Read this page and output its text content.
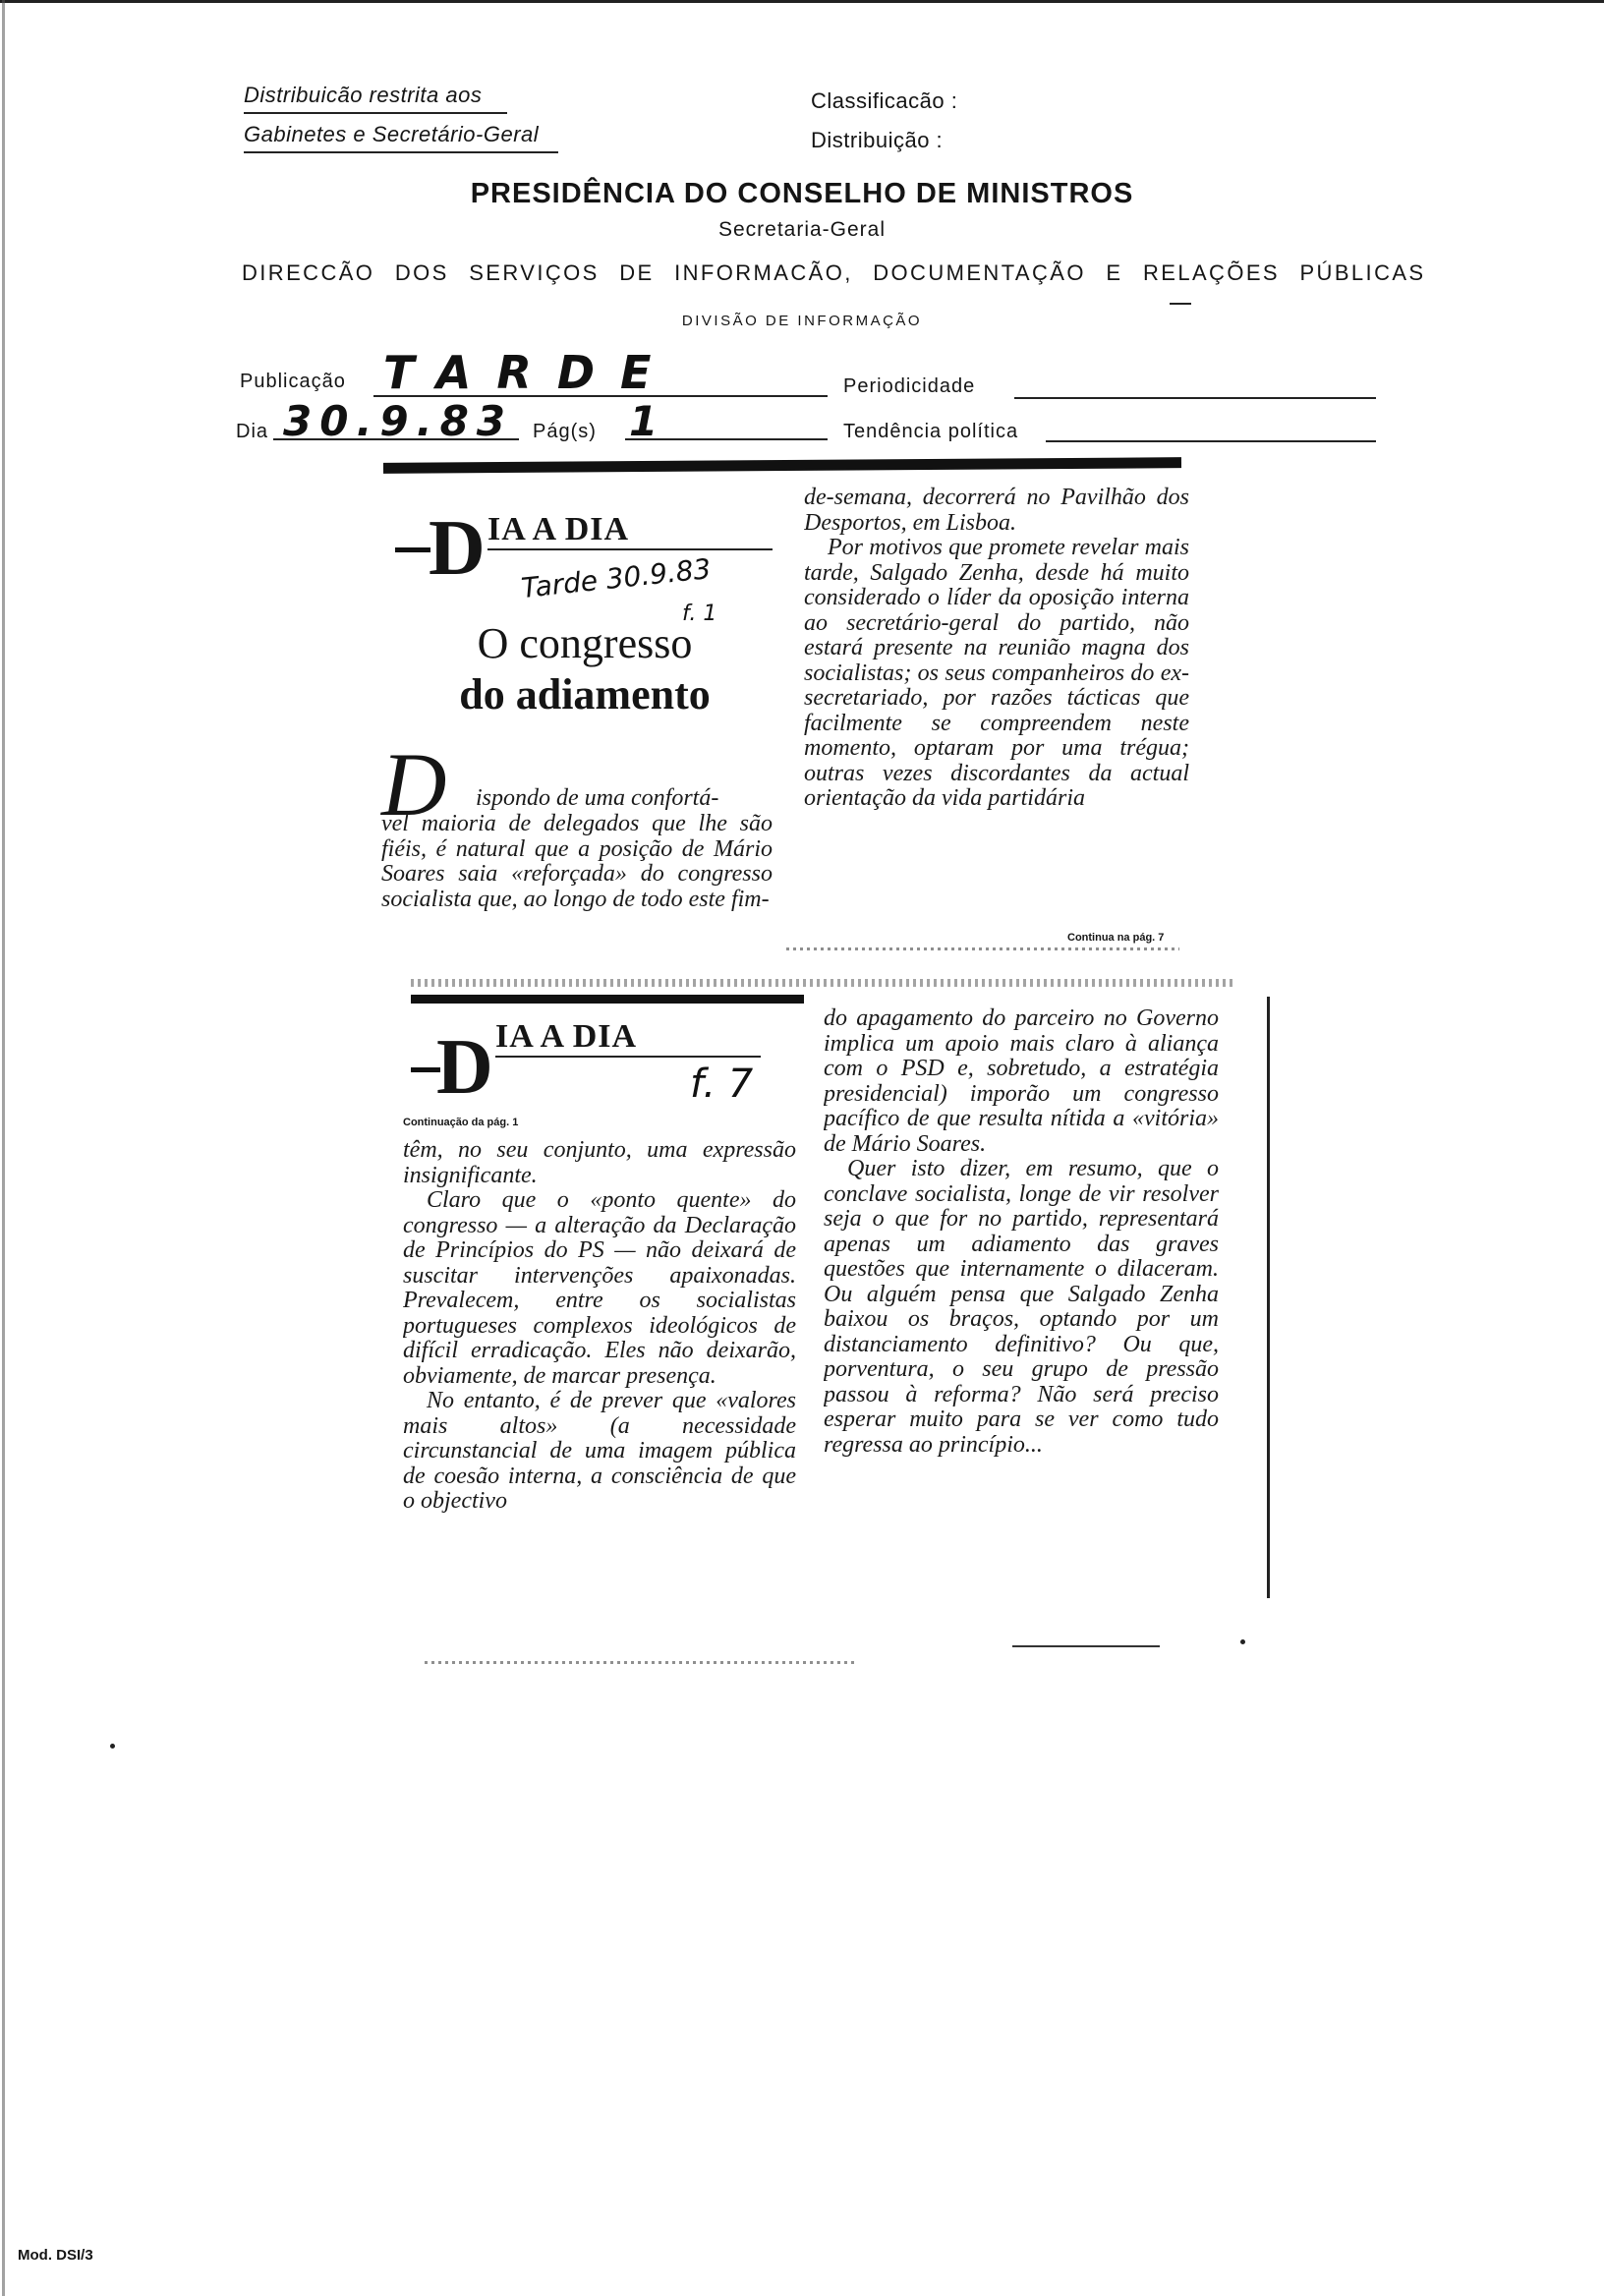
Distribuicão restrita aos
Gabinetes e Secretário-Geral
Classificacão :
Distribuição :
PRESIDÊNCIA DO CONSELHO DE MINISTROS
Secretaria-Geral
DIRECCÃO DOS SERVIÇOS DE INFORMACÃO, DOCUMENTAÇÃO E RELAÇÕES PÚBLICAS
DIVISÃO DE INFORMAÇÃO
Publicação TARDE	Periodicidade
Dia 30.9.83 Pág(s) 1	Tendência política
D IA A DIA
Tarde 30.9.83
f. 1
O congresso
do adiamento
D ispondo de uma confortá-
vel maioria de delegados que lhe são fiéis, é natural que a posição de Mário Soares saia «reforçada» do congresso socialista que, ao longo de todo este fim-

de-semana, decorrerá no Pavilhão dos Desportos, em Lisboa.

Por motivos que promete revelar mais tarde, Salgado Zenha, desde há muito considerado o líder da oposição interna ao secretário-geral do partido, não estará presente na reunião magna dos socialistas; os seus companheiros do ex-secretariado, por razões tácticas que facilmente se compreendem neste momento, optaram por uma trégua; outras vezes discordantes da actual orientação da vida partidária

Continua na pág. 7
D IA A DIA
f. 7
Continuação da pág. 1

têm, no seu conjunto, uma expressão insignificante.

Claro que o «ponto quente» do congresso — a alteração da Declaração de Princípios do PS — não deixará de suscitar intervenções apaixonadas. Prevalecem, entre os socialistas portugueses complexos ideológicos de difícil erradicação. Eles não deixarão, obviamente, de marcar presença.

No entanto, é de prever que «valores mais altos» (a necessidade circunstancial de uma imagem pública de coesão interna, a consciência de que o objectivo

do apagamento do parceiro no Governo implica um apoio mais claro à aliança com o PSD e, sobretudo, a estratégia presidencial) imporão um congresso pacífico de que resulta nítida a «vitória» de Mário Soares.

Quer isto dizer, em resumo, que o conclave socialista, longe de vir resolver seja o que for no partido, representará apenas um adiamento das graves questões que internamente o dilaceram. Ou alguém pensa que Salgado Zenha baixou os braços, optando por um distanciamento definitivo? Ou que, porventura, o seu grupo de pressão passou à reforma? Não será preciso esperar muito para se ver como tudo regressa ao princípio...

Mod. DSI/3
